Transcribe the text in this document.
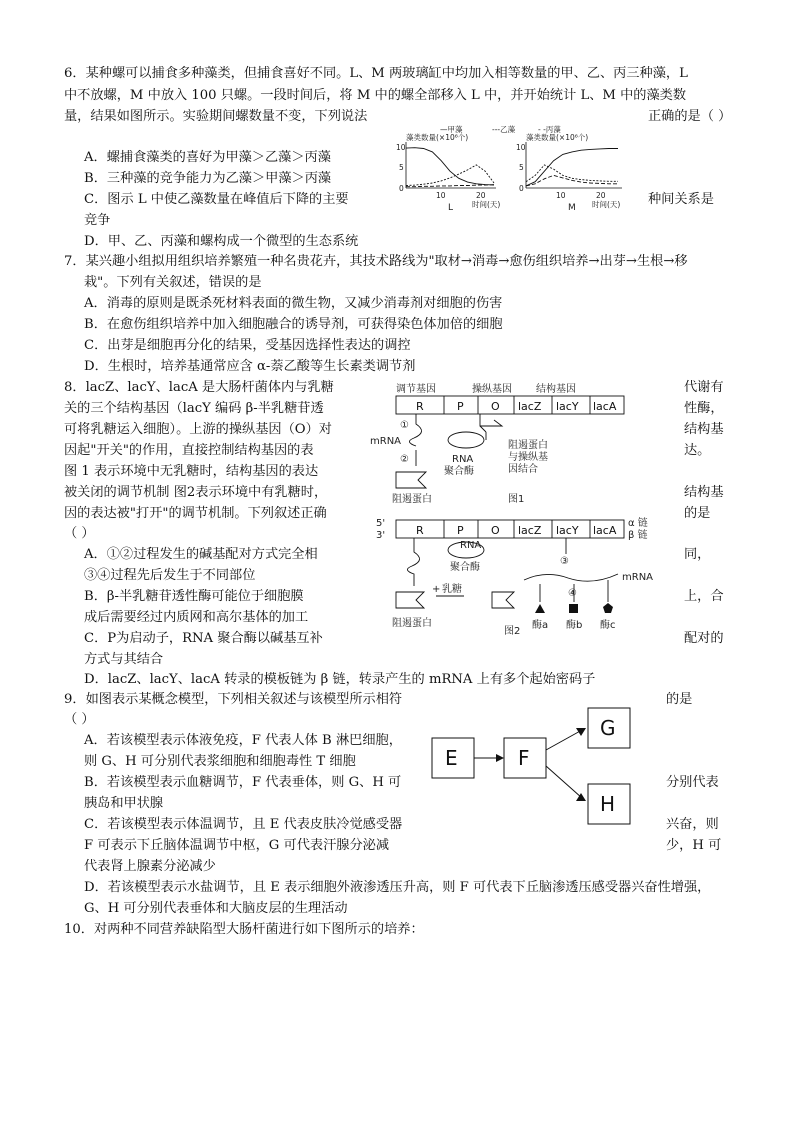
6．某种螺可以捕食多种藻类，但捕食喜好不同。L、M 两玻璃缸中均加入相等数量的甲、乙、丙三种藻，L
中不放螺，M 中放入 100 只螺。一段时间后，将 M 中的螺全部移入 L 中，并开始统计 L、M 中的藻类数
量，结果如图所示。实验期间螺数量不变，下列说法	正确的是（ ）
A．螺捕食藻类的喜好为甲藻＞乙藻＞丙藻
B．三种藻的竞争能力为乙藻＞甲藻＞丙藻
C．图示 L 中使乙藻数量在峰值后下降的主要	种间关系是
竞争
D．甲、乙、丙藻和螺构成一个微型的生态系统
—甲藻	---乙藻	- -丙藻
藻类数量(×10⁶个)	藻类数量(×10⁶个)
10
5
0
10
5
0
10	20	10	20
时间(天)	时间(天)
L	M
7．某兴趣小组拟用组织培养繁殖一种名贵花卉，其技术路线为"取材→消毒→愈伤组织培养→出芽→生根→移
栽"。下列有关叙述，错误的是
A．消毒的原则是既杀死材料表面的微生物，又减少消毒剂对细胞的伤害
B．在愈伤组织培养中加入细胞融合的诱导剂，可获得染色体加倍的细胞
C．出芽是细胞再分化的结果，受基因选择性表达的调控
D．生根时，培养基通常应含 α-萘乙酸等生长素类调节剂
8．lacZ、lacY、lacA 是大肠杆菌体内与乳糖	代谢有
关的三个结构基因（lacY 编码 β-半乳糖苷透	性酶，
可将乳糖运入细胞）。上游的操纵基因（O）对	结构基
因起"开关"的作用，直接控制结构基因的表	达。
图 1 表示环境中无乳糖时，结构基因的表达
被关闭的调节机制 图2表示环境中有乳糖时，	结构基
因的表达被"打开"的调节机制。下列叙述正确	的是
（ ）
A．①②过程发生的碱基配对方式完全相	同，
③④过程先后发生于不同部位
B．β-半乳糖苷透性酶可能位于细胞膜	上，合
成后需要经过内质网和高尔基体的加工
C．P为启动子，RNA 聚合酶以碱基互补	配对的
方式与其结合
D．lacZ、lacY、lacA 转录的模板链为 β 链，转录产生的 mRNA 上有多个起始密码子
调节基因	操纵基因 结构基因
R	P O lacZ lacY lacA
①
mRNA
②	RNA
聚合酶
阻遏蛋白
与操纵基
因结合
阻遏蛋白	图1
5'
3'
α 链
β 链
R	P O lacZ lacY lacA
RNA
聚合酶
③
mRNA
④
+ 乳糖
阻遏蛋白
图2
酶a 酶b 酶c
9．如图表示某概念模型，下列相关叙述与该模型所示相符	的是
（ ）
A．若该模型表示体液免疫，F 代表人体 B 淋巴细胞，
则 G、H 可分别代表浆细胞和细胞毒性 T 细胞
B．若该模型表示血糖调节，F 代表垂体，则 G、H 可	分别代表
胰岛和甲状腺
C．若该模型表示体温调节，且 E 代表皮肤冷觉感受器	兴奋，则
F 可表示下丘脑体温调节中枢，G 可代表汗腺分泌减	少，H 可
代表肾上腺素分泌减少
D．若该模型表示水盐调节，且 E 表示细胞外液渗透压升高，则 F 可代表下丘脑渗透压感受器兴奋性增强，
G、H 可分别代表垂体和大脑皮层的生理活动
E	F
G
H
10．对两种不同营养缺陷型大肠杆菌进行如下图所示的培养：
